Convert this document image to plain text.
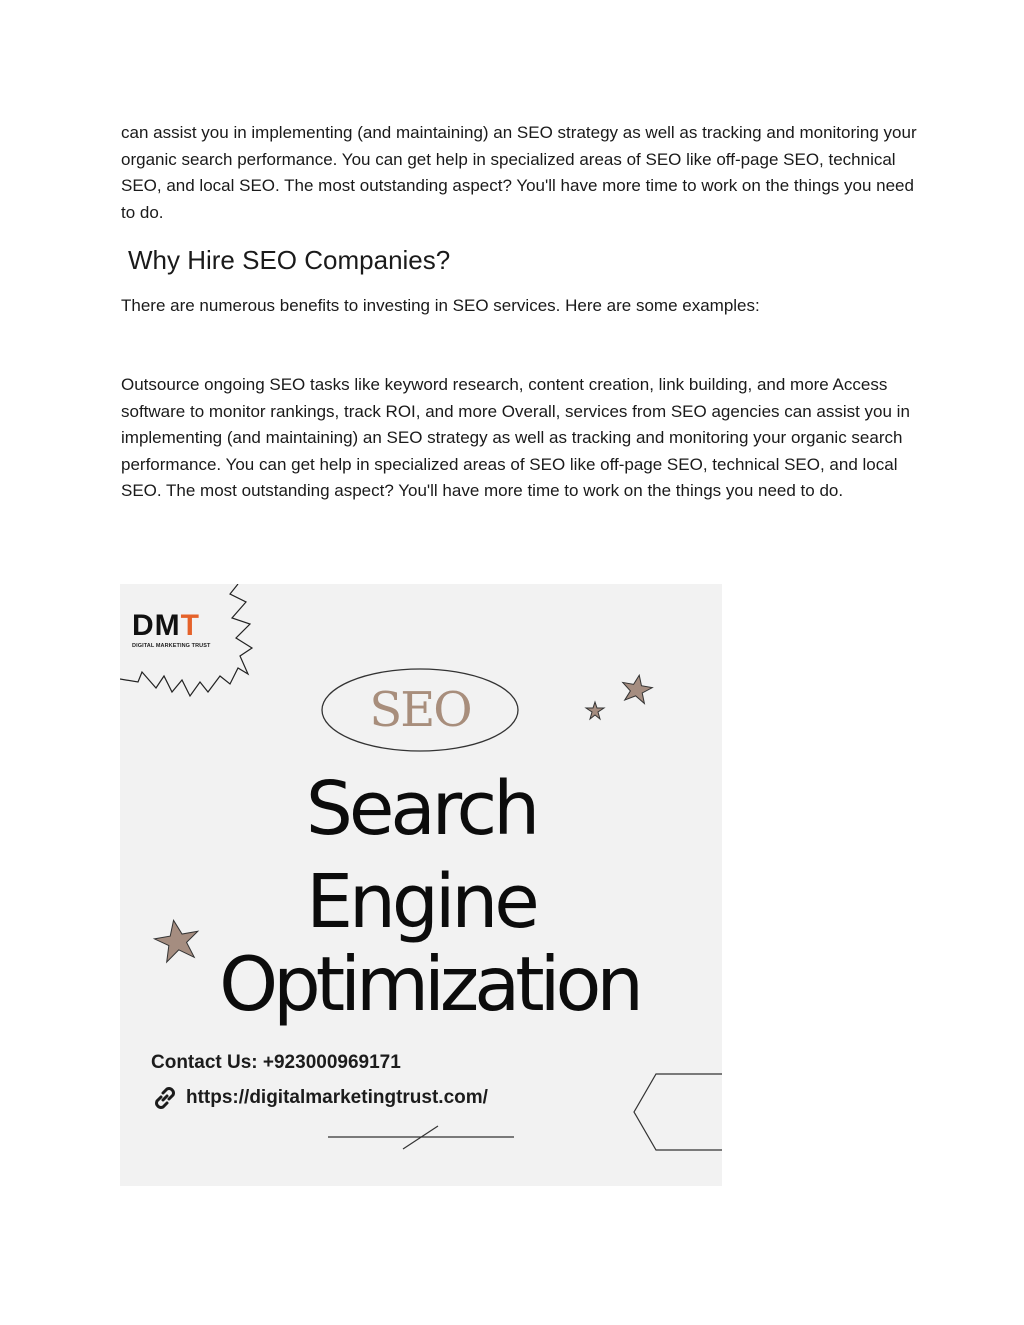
can assist you in implementing (and maintaining) an SEO strategy as well as tracking and monitoring your organic search performance. You can get help in specialized areas of SEO like off-page SEO, technical SEO, and local SEO. The most outstanding aspect? You'll have more time to work on the things you need to do.

Why Hire SEO Companies?

There are numerous benefits to investing in SEO services. Here are some examples:

Outsource ongoing SEO tasks like keyword research, content creation, link building, and more Access software to monitor rankings, track ROI, and more Overall, services from SEO agencies can assist you in implementing (and maintaining) an SEO strategy as well as tracking and monitoring your organic search performance. You can get help in specialized areas of SEO like off-page SEO, technical SEO, and local SEO. The most outstanding aspect? You'll have more time to work on the things you need to do.

DMT
DIGITAL MARKETING TRUST
SEO
Search
Engine
Optimization
Contact Us: +923000969171
https://digitalmarketingtrust.com/
